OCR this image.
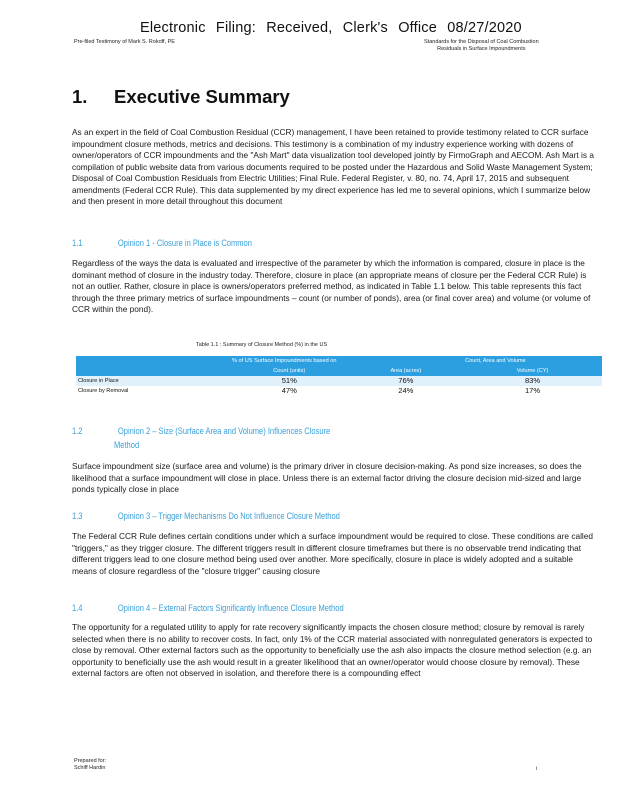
Electronic Filing: Received, Clerk's Office 08/27/2020
Pre-filed Testimony of Mark S. Rokoff, PE	Standards for the Disposal of Coal Combustion
Residuals in Surface Impoundments
1. Executive Summary

As an expert in the field of Coal Combustion Residual (CCR) management, I have been retained to provide testimony related to CCR surface impoundment closure methods, metrics and decisions. This testimony is a combination of my industry experience working with dozens of owner/operators of CCR impoundments and the "Ash Mart" data visualization tool developed jointly by FirmoGraph and AECOM. Ash Mart is a compilation of public website data from various documents required to be posted under the Hazardous and Solid Waste Management System; Disposal of Coal Combustion Residuals from Electric Utilities; Final Rule. Federal Register, v. 80, no. 74, April 17, 2015 and subsequent amendments (Federal CCR Rule). This data supplemented by my direct experience has led me to several opinions, which I summarize below and then present in more detail throughout this document

1.1	Opinion 1 - Closure in Place is Common

Regardless of the ways the data is evaluated and irrespective of the parameter by which the information is compared, closure in place is the dominant method of closure in the industry today. Therefore, closure in place (an appropriate means of closure per the Federal CCR Rule) is not an outlier. Rather, closure in place is owners/operators preferred method, as indicated in Table 1.1 below. This table represents this fact through the three primary metrics of surface impoundments – count (or number of ponds), area (or final cover area) and volume (or volume of CCR within the pond).

Table 1.1 : Summary of Closure Method (%) in the US
	% of US Surface Impoundments based on		Count, Area and Volume
	Count (units)	Area (acres)	Volume (CY)
Closure in Place	51%	76%	83%
Closure by Removal	47%	24%	17%
1.2	Opinion 2 – Size (Surface Area and Volume) Influences Closure
Method

Surface impoundment size (surface area and volume) is the primary driver in closure decision-making. As pond size increases, so does the likelihood that a surface impoundment will close in place. Unless there is an external factor driving the closure decision mid-sized and large ponds typically close in place

1.3	Opinion 3 – Trigger Mechanisms Do Not Influence Closure Method

The Federal CCR Rule defines certain conditions under which a surface impoundment would be required to close. These conditions are called "triggers," as they trigger closure. The different triggers result in different closure timeframes but there is no observable trend indicating that different triggers lead to one closure method being used over another. More specifically, closure in place is widely adopted and a suitable means of closure regardless of the "closure trigger" causing closure

1.4	Opinion 4 – External Factors Significantly Influence Closure Method

The opportunity for a regulated utility to apply for rate recovery significantly impacts the chosen closure method; closure by removal is rarely selected when there is no ability to recover costs. In fact, only 1% of the CCR material associated with nonregulated generators is expected to close by removal. Other external factors such as the opportunity to beneficially use the ash also impacts the closure method selection (e.g. an opportunity to beneficially use the ash would result in a greater likelihood that an owner/operator would choose closure by removal). These external factors are often not observed in isolation, and therefore there is a compounding effect

Prepared for:
Schiff Hardin	i
